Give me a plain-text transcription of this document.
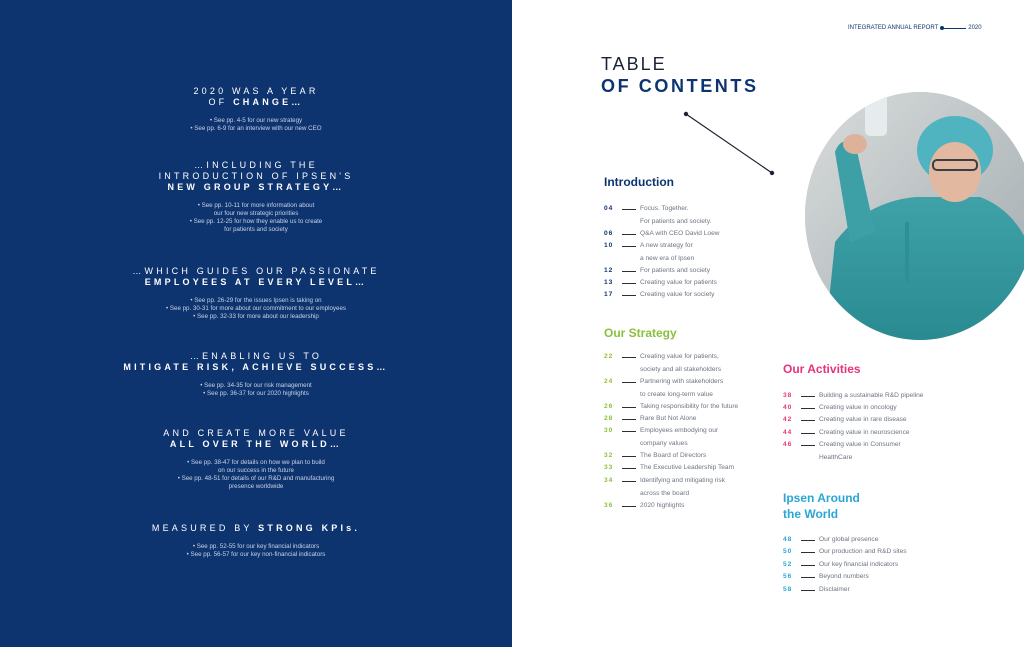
2020 WAS A YEAR
OF CHANGE…
• See pp. 4-5 for our new strategy
• See pp. 6-9 for an interview with our new CEO
…INCLUDING THE
INTRODUCTION OF IPSEN'S
NEW GROUP STRATEGY…
• See pp. 10-11 for more information about
our four new strategic priorities
• See pp. 12-25 for how they enable us to create
for patients and society
…WHICH GUIDES OUR PASSIONATE
EMPLOYEES AT EVERY LEVEL…
• See pp. 26-29 for the issues Ipsen is taking on
• See pp. 30-31 for more about our commitment to our employees
• See pp. 32-33 for more about our leadership
…ENABLING US TO
MITIGATE RISK, ACHIEVE SUCCESS…
• See pp. 34-35 for our risk management
• See pp. 36-37 for our 2020 highlights
AND CREATE MORE VALUE
ALL OVER THE WORLD…
• See pp. 38-47 for details on how we plan to build
on our success in the future
• See pp. 48-51 for details of our R&D and manufacturing
presence worldwide
MEASURED BY STRONG KPIs.
• See pp. 52-55 for our key financial indicators
• See pp. 56-57 for our key non-financial indicators
INTEGRATED ANNUAL REPORT	2020
TABLE
OF CONTENTS
Introduction
04	Focus. Together.
For patients and society.
06	Q&A with CEO David Loew
10	A new strategy for
a new era of Ipsen
12	For patients and society
13	Creating value for patients
17	Creating value for society
Our Strategy
22	Creating value for patients,
society and all stakeholders
24	Partnering with stakeholders
to create long-term value
26	Taking responsibility for the future
28	Rare But Not Alone
30	Employees embodying our
company values
32	The Board of Directors
33	The Executive Leadership Team
34	Identifying and mitigating risk
across the board
36	2020 highlights
Our Activities
38	Building a sustainable R&D pipeline
40	Creating value in oncology
42	Creating value in rare disease
44	Creating value in neuroscience
46	Creating value in Consumer
HealthCare
Ipsen Around
the World
48	Our global presence
50	Our production and R&D sites
52	Our key financial indicators
56	Beyond numbers
58	Disclaimer
